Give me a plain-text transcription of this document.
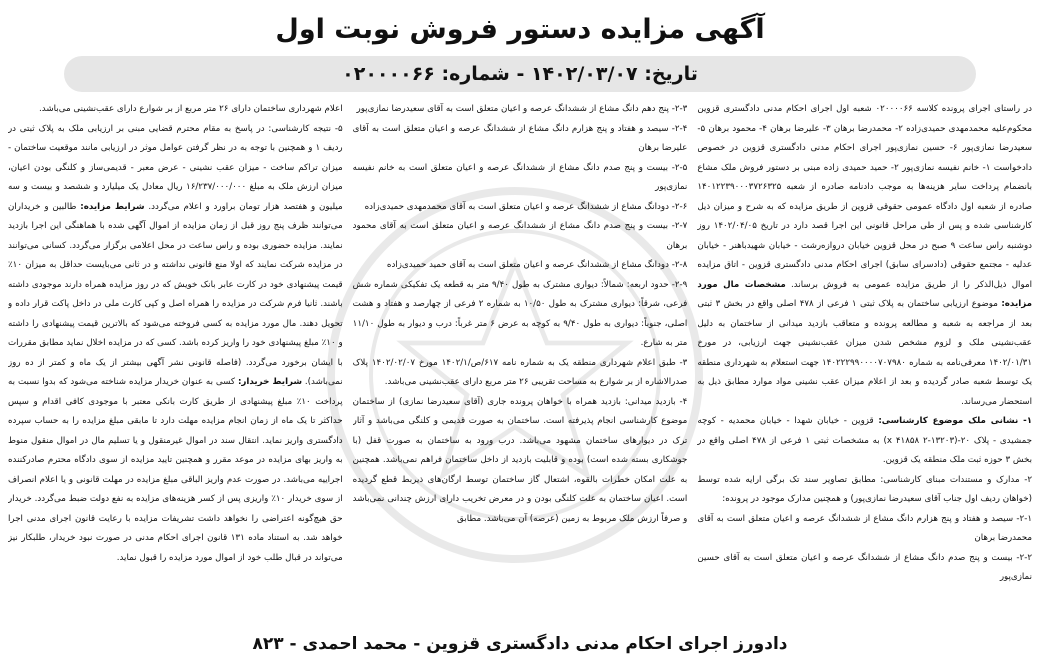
آگهی مزایده دستور فروش نوبت اول
تاریخ: ۱۴۰۲/۰۳/۰۷ - شماره: ۰۲۰۰۰۰۶۶

در راستای اجرای پرونده کلاسه ۰۲۰۰۰۰۶۶ شعبه اول اجرای احکام مدنی دادگستری قزوین محکوم‌علیه محمدمهدی حمیدی‌زاده ۲- محمدرضا برهان ۳- علیرضا برهان ۴- محمود برهان ۵- سعیدرضا نمازی‌پور ۶- حسین نمازی‌پور اجرای احکام مدنی دادگستری قزوین در خصوص دادخواست ۱- خانم نفیسه نمازی‌پور ۲- حمید حمیدی زاده مبنی بر دستور فروش ملک مشاع بانضمام پرداخت سایر هزینه‌ها به موجب دادنامه صادره از شعبه ۱۴۰۱۲۲۳۹۰۰۰۳۷۲۶۳۲۵ صادره از شعبه اول دادگاه عمومی حقوقی قزوین از طریق مزایده که به شرح و میزان ذیل کارشناسی شده و پس از طی مراحل قانونی این اجرا قصد دارد در تاریخ ۱۴۰۲/۰۴/۰۵ روز دوشنبه راس ساعت ۹ صبح در محل قزوین خیابان دروازه‌رشت - خیابان شهیدباهنر - خیابان عدلیه - مجتمع حقوقی (دادسرای سابق) اجرای احکام مدنی دادگستری قزوین - اتاق مزایده اموال ذیل‌الذکر را از طریق مزایده عمومی به فروش برساند. مشخصات مال مورد مزایده: موضوع ارزیابی ساختمان به پلاک ثبتی ۱ فرعی از ۴۷۸ اصلی واقع در بخش ۳ ثبتی بعد از مراجعه به شعبه و مطالعه پرونده و متعاقب بازدید میدانی از ساختمان به دلیل عقب‌نشینی ملک و لزوم مشخص شدن میزان عقب‌نشینی جهت ارزیابی، در مورخ ۱۴۰۲/۰۱/۳۱ معرفی‌نامه به شماره ۱۴۰۲۲۲۹۹۰۰۰۰۷۰۷۹۸۰ جهت استعلام به شهرداری منطقه یک توسط شعبه صادر گردیده و بعد از اعلام میزان عقب نشینی مواد موارد مطابق ذیل به استحضار می‌رساند.

۱- نشانی ملک موضوع کارشناسی: قزوین - خیابان شهدا - خیابان محمدیه - کوچه جمشیدی - پلاک ۲۰-(۱۳۲۰۳-۲ ۴۱۸۵۸ x) به مشخصات ثبتی ۱ فرعی از ۴۷۸ اصلی واقع در بخش ۳ حوزه ثبت ملک منطقه یک قزوین.

۲- مدارک و مستندات مبنای کارشناسی: مطابق تصاویر سند تک برگی ارایه شده توسط (خواهان ردیف اول جناب آقای سعیدرضا نمازی‌پور) و همچنین مدارک موجود در پرونده:

۲-۱- سیصد و هفتاد و پنج هزارم دانگ مشاع از ششدانگ عرصه و اعیان متعلق است به آقای محمدرضا برهان

۲-۲- بیست و پنج صدم دانگ مشاع از ششدانگ عرصه و اعیان متعلق است به آقای حسین نمازی‌پور

۲-۳- پنج دهم دانگ مشاع از ششدانگ عرصه و اعیان متعلق است به آقای سعیدرضا نمازی‌پور

۲-۴- سیصد و هفتاد و پنج هزارم دانگ مشاع از ششدانگ عرصه و اعیان متعلق است به آقای علیرضا برهان

۲-۵- بیست و پنج صدم دانگ مشاع از ششدانگ عرصه و اعیان متعلق است به خانم نفیسه نمازی‌پور

۲-۶- دودانگ مشاع از ششدانگ عرصه و اعیان متعلق است به آقای محمدمهدی حمیدی‌زاده

۲-۷- بیست و پنج صدم دانگ مشاع از ششدانگ عرصه و اعیان متعلق است به آقای محمود برهان

۲-۸- دودانگ مشاع از ششدانگ عرصه و اعیان متعلق است به آقای حمید حمیدی‌زاده

۲-۹- حدود اربعه: شمالاً: دیواری مشترک به طول ۹/۴۰ متر به قطعه یک تفکیکی شماره شش فرعی، شرقاً: دیواری مشترک به طول ۱۰/۵۰ به شماره ۲ فرعی از چهارصد و هفتاد و هشت اصلی، جنوباً: دیواری به طول ۹/۴۰ به کوچه به عرض ۶ متر غرباً: درب و دیوار به طول ۱۱/۱۰ متر به شارع.

۳- طبق اعلام شهرداری منطقه یک به شماره نامه ۶۱۷/ص/۱۴۰۲/۱ مورخ ۱۴۰۲/۰۲/۰۷ پلاک صدرالاشاره از بر شوارع به مساحت تقریبی ۲۶ متر مربع دارای عقب‌نشینی می‌باشد.

۴- بازدید میدانی: بازدید همراه با خواهان پرونده جاری (آقای سعیدرضا نمازی) از ساختمان موضوع کارشناسی انجام پذیرفته است. ساختمان به صورت قدیمی و کلنگی می‌باشد و آثار ترک در دیوارهای ساختمان مشهود می‌باشد. درب ورود به ساختمان به صورت قفل (با جوشکاری بسته شده است) بوده و قابلیت بازدید از داخل ساختمان فراهم نمی‌باشد. همچنین به علت امکان خطرات بالقوه، اشتعال گاز ساختمان توسط ارگان‌های ذیربط قطع گردیده است. اعیان ساختمان به علت کلنگی بودن و در معرض تخریب دارای ارزش چندانی نمی‌باشد و صرفاً ارزش ملک مربوط به زمین (عرصه) آن می‌باشد. مطابق

اعلام شهرداری ساختمان دارای ۲۶ متر مربع از بر شوارع دارای عقب‌نشینی می‌باشد.

۵- نتیجه کارشناسی: در پاسخ به مقام محترم قضایی مبنی بر ارزیابی ملک به پلاک ثبتی در ردیف ۱ و همچنین با توجه به در نظر گرفتن عوامل موثر در ارزیابی مانند موقعیت ساختمان - میزان تراکم ساخت - میزان عقب نشینی - عرض معبر - قدیمی‌ساز و کلنگی بودن اعیان، میزان ارزش ملک به مبلغ ۱۶/۲۳۷/۰۰۰/۰۰۰ ریال معادل یک میلیارد و ششصد و بیست و سه میلیون و هفتصد هزار تومان براورد و اعلام می‌گردد. شرایط مزایده: طالبین و خریداران می‌توانند ظرف پنج روز قبل از زمان مزایده از اموال آگهی شده با هماهنگی این اجرا بازدید نمایند. مزایده حضوری بوده و راس ساعت در محل اعلامی برگزار می‌گردد. کسانی می‌توانند در مزایده شرکت نمایند که اولا منع قانونی نداشته و در ثانی می‌بایست حداقل به میزان ۱۰٪ قیمت پیشنهادی خود در کارت عابر بانک خویش که در روز مزایده همراه دارند موجودی داشته باشند. ثانیا فرم شرکت در مزایده را همراه اصل و کپی کارت ملی در داخل پاکت قرار داده و تحویل دهند. مال مورد مزایده به کسی فروخته می‌شود که بالاترین قیمت پیشنهادی را داشته و ۱۰٪ مبلغ پیشنهادی خود را واریز کرده باشد. کسی که در مزایده اخلال نماید مطابق مقررات با ایشان برخورد می‌گردد. (فاصله قانونی نشر آگهی بیشتر از یک ماه و کمتر از ده روز نمی‌باشد). شرایط خریدار: کسی به عنوان خریدار مزایده شناخته می‌شود که بدوا نسبت به پرداخت ۱۰٪ مبلغ پیشنهادی از طریق کارت بانکی معتبر با موجودی کافی اقدام و سپس حداکثر تا یک ماه از زمان انجام مزایده مهلت دارد تا مابقی مبلغ مزایده را به حساب سپرده دادگستری واریز نماید. انتقال سند در اموال غیرمنقول و یا تسلیم مال در اموال منقول منوط به واریز بهای مزایده در موعد مقرر و همچنین تایید مزایده از سوی دادگاه محترم صادرکننده اجراییه می‌باشد. در صورت عدم واریز الباقی مبلغ مزایده در مهلت قانونی و یا اعلام انصراف از سوی خریدار ۱۰٪ واریزی پس از کسر هزینه‌های مزایده به نفع دولت ضبط می‌گردد. خریدار حق هیچ‌گونه اعتراضی را نخواهد داشت تشریفات مزایده با رعایت قانون اجرای مدنی اجرا خواهد شد. به استناد ماده ۱۳۱ قانون اجرای احکام مدنی در صورت نبود خریدار، طلبکار نیز می‌تواند در قبال طلب خود از اموال مورد مزایده را قبول نماید.

دادورز اجرای احکام مدنی دادگستری قزوین - محمد احمدی - ۸۲۳
